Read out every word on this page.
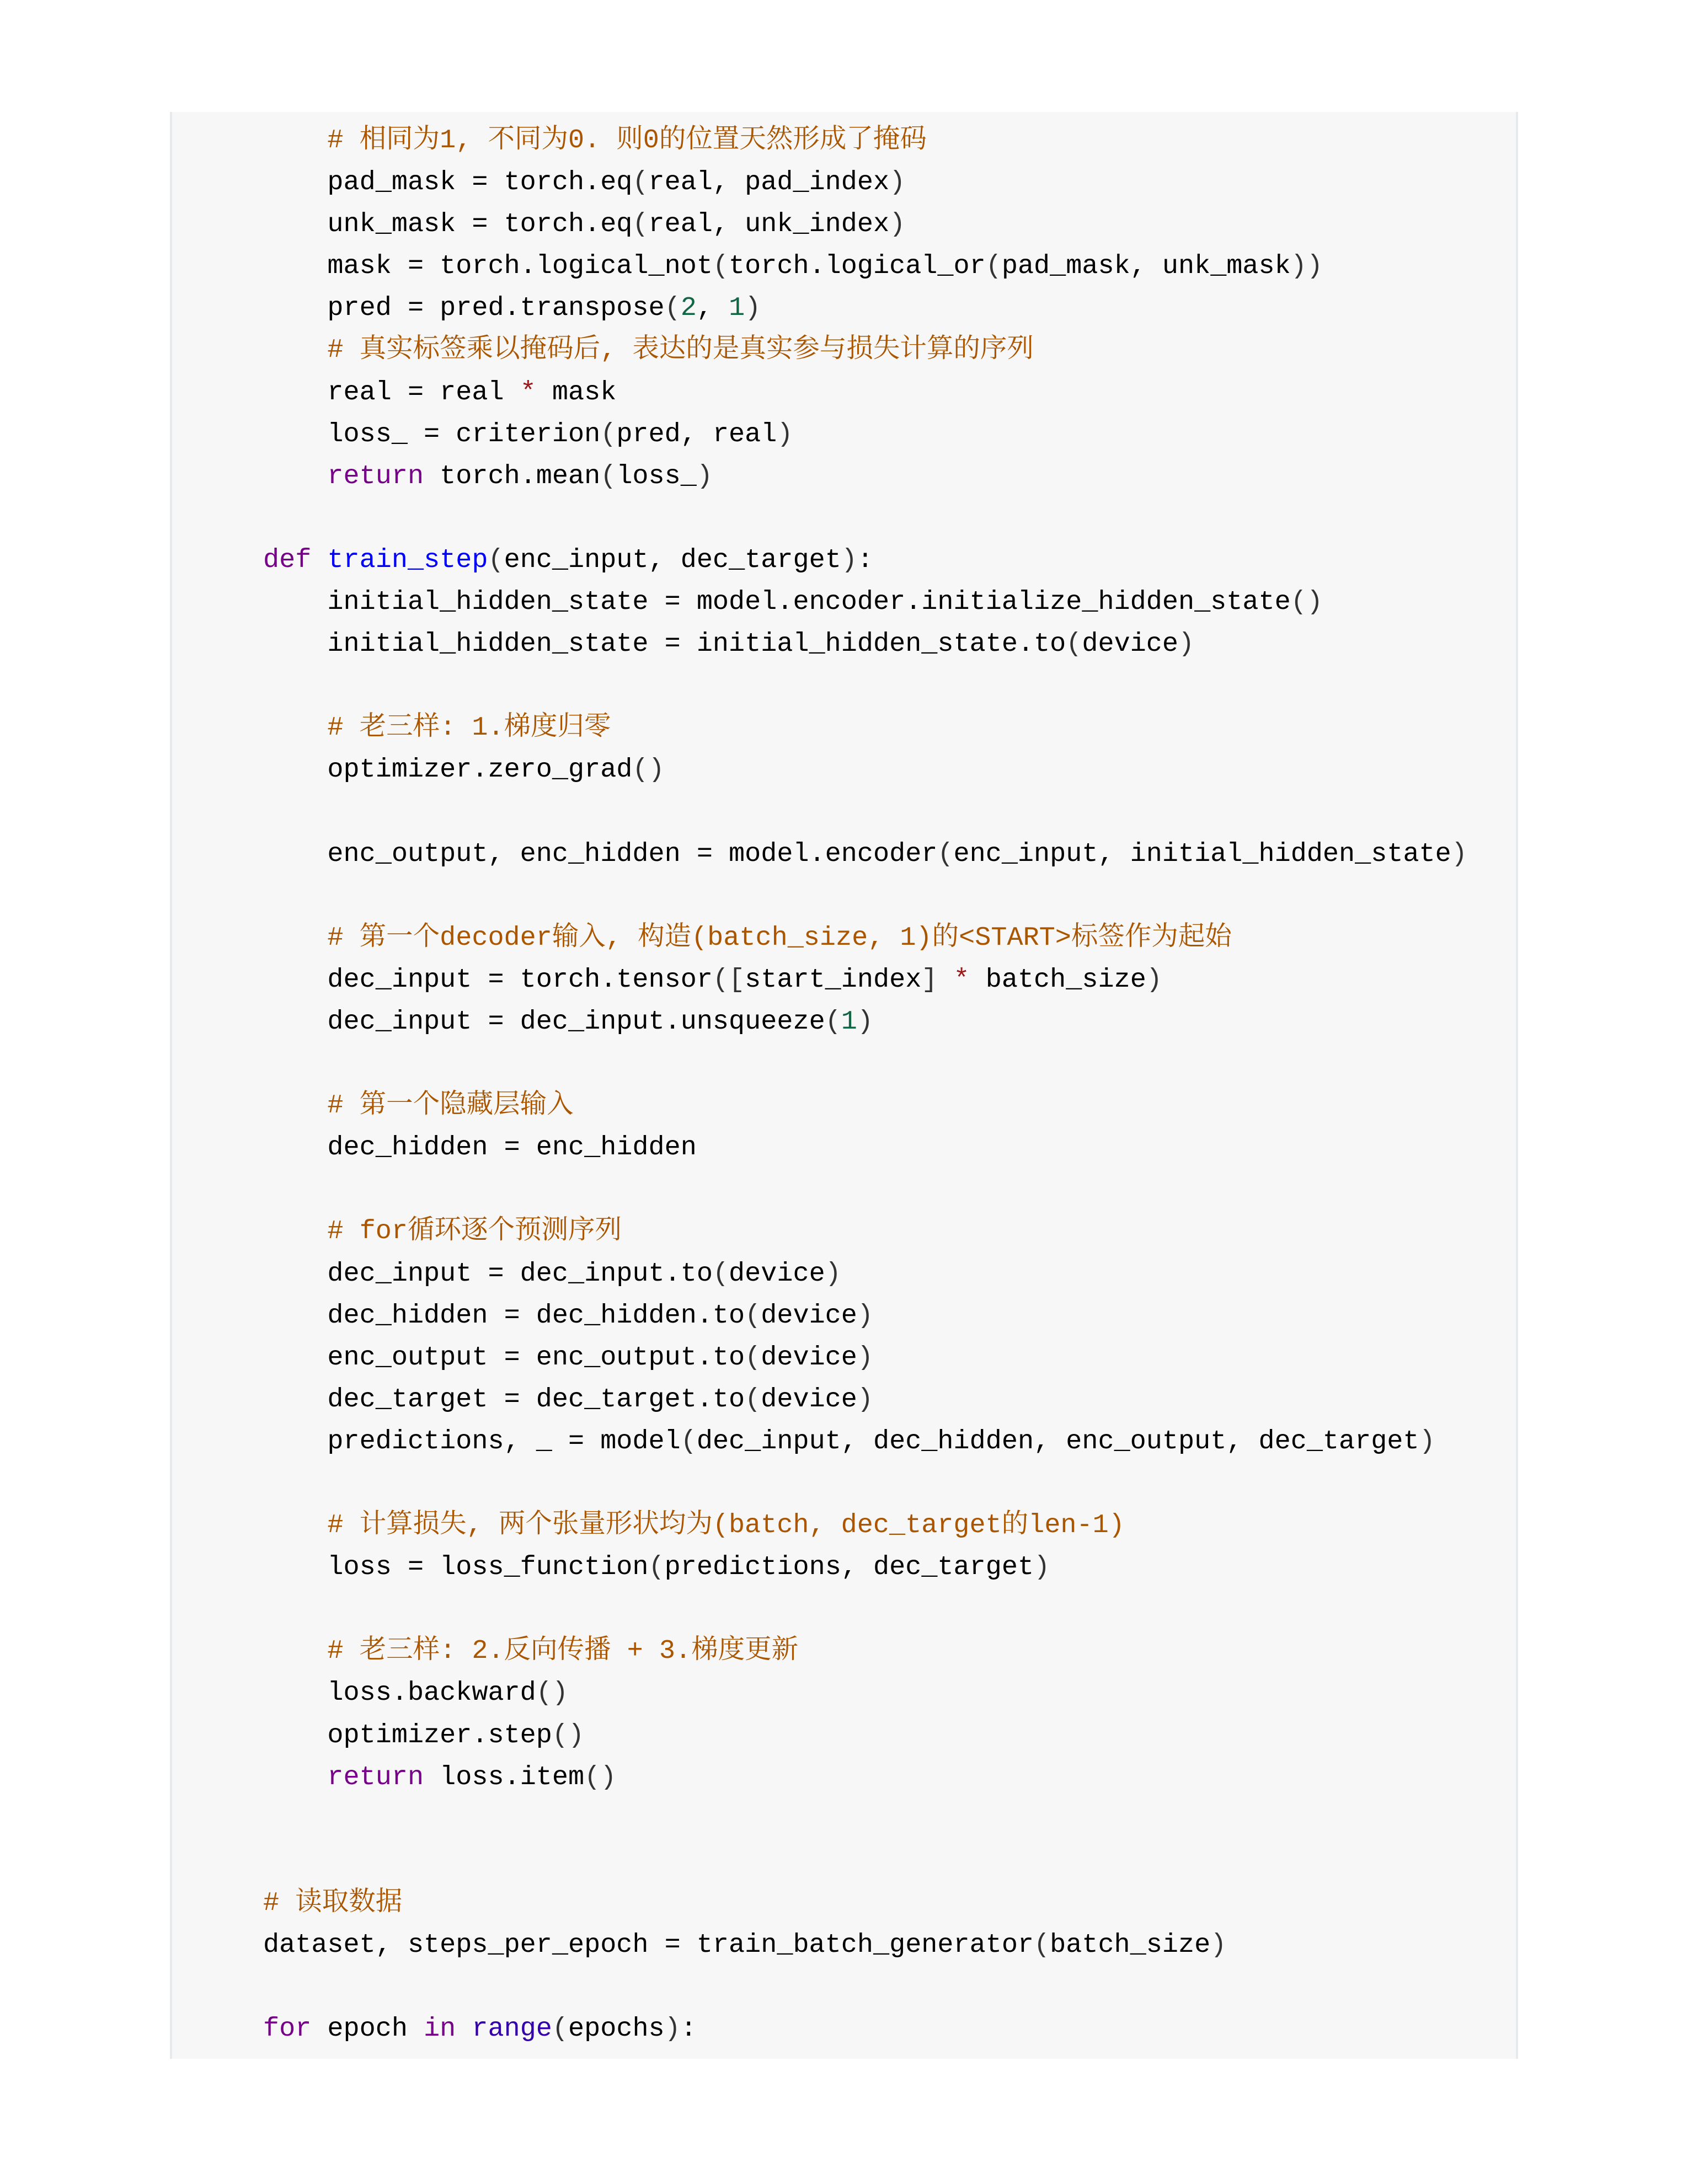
# 相同为1, 不同为0. 则0的位置天然形成了掩码
pad_mask = torch.eq(real, pad_index)
unk_mask = torch.eq(real, unk_index)
mask = torch.logical_not(torch.logical_or(pad_mask, unk_mask))
pred = pred.transpose(2, 1)
# 真实标签乘以掩码后, 表达的是真实参与损失计算的序列
real = real * mask
loss_ = criterion(pred, real)
return torch.mean(loss_)

def train_step(enc_input, dec_target):
initial_hidden_state = model.encoder.initialize_hidden_state()
initial_hidden_state = initial_hidden_state.to(device)

# 老三样: 1.梯度归零
optimizer.zero_grad()

enc_output, enc_hidden = model.encoder(enc_input, initial_hidden_state)

# 第一个decoder输入, 构造(batch_size, 1)的<START>标签作为起始
dec_input = torch.tensor([start_index] * batch_size)
dec_input = dec_input.unsqueeze(1)

# 第一个隐藏层输入
dec_hidden = enc_hidden

# for循环逐个预测序列
dec_input = dec_input.to(device)
dec_hidden = dec_hidden.to(device)
enc_output = enc_output.to(device)
dec_target = dec_target.to(device)
predictions, _ = model(dec_input, dec_hidden, enc_output, dec_target)

# 计算损失, 两个张量形状均为(batch, dec_target的len-1)
loss = loss_function(predictions, dec_target)

# 老三样: 2.反向传播 + 3.梯度更新
loss.backward()
optimizer.step()
return loss.item()

# 读取数据
dataset, steps_per_epoch = train_batch_generator(batch_size)

for epoch in range(epochs):
